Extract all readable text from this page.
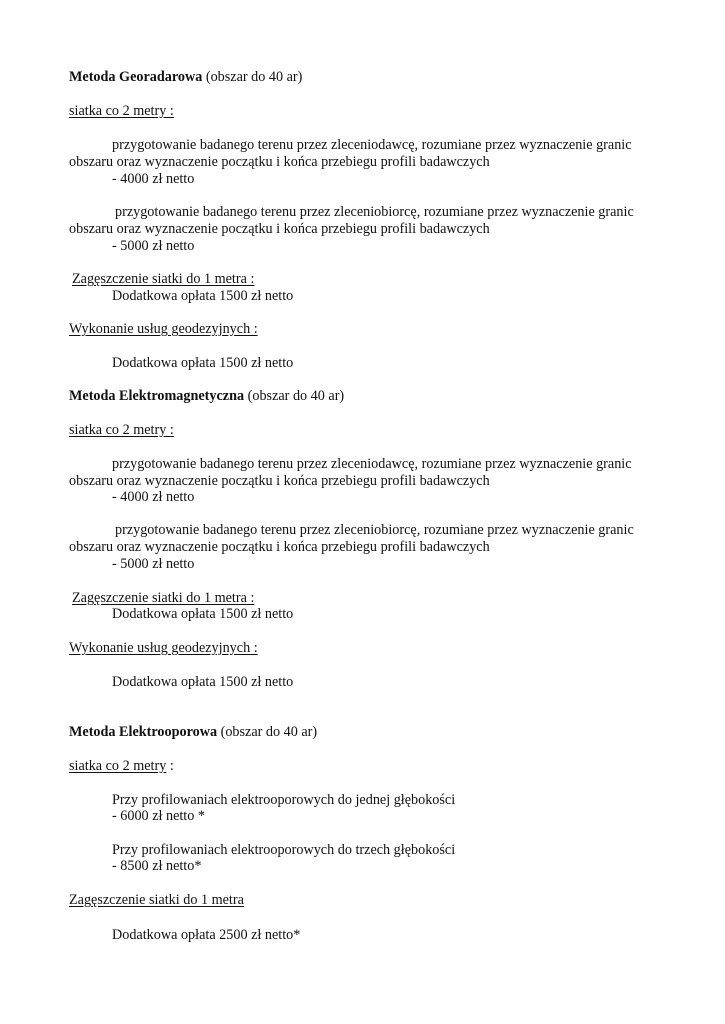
Metoda Georadarowa (obszar do 40 ar)
siatka co 2 metry :
przygotowanie badanego terenu przez zleceniodawcę, rozumiane przez wyznaczenie granic
obszaru oraz wyznaczenie początku i końca przebiegu profili badawczych
- 4000 zł netto
przygotowanie badanego terenu przez zleceniobiorcę, rozumiane przez wyznaczenie granic
obszaru oraz wyznaczenie początku i końca przebiegu profili badawczych
- 5000 zł netto
Zagęszczenie siatki do 1 metra :
Dodatkowa opłata 1500 zł netto
Wykonanie usług geodezyjnych :
Dodatkowa opłata 1500 zł netto
Metoda Elektromagnetyczna (obszar do 40 ar)
siatka co 2 metry :
przygotowanie badanego terenu przez zleceniodawcę, rozumiane przez wyznaczenie granic
obszaru oraz wyznaczenie początku i końca przebiegu profili badawczych
- 4000 zł netto
przygotowanie badanego terenu przez zleceniobiorcę, rozumiane przez wyznaczenie granic
obszaru oraz wyznaczenie początku i końca przebiegu profili badawczych
- 5000 zł netto
Zagęszczenie siatki do 1 metra :
Dodatkowa opłata 1500 zł netto
Wykonanie usług geodezyjnych :
Dodatkowa opłata 1500 zł netto
Metoda Elektrooporowa (obszar do 40 ar)
siatka co 2 metry :
Przy profilowaniach elektrooporowych do jednej głębokości
- 6000 zł netto *
Przy profilowaniach elektrooporowych do trzech głębokości
- 8500 zł netto*
Zagęszczenie siatki do 1 metra
Dodatkowa opłata 2500 zł netto*
